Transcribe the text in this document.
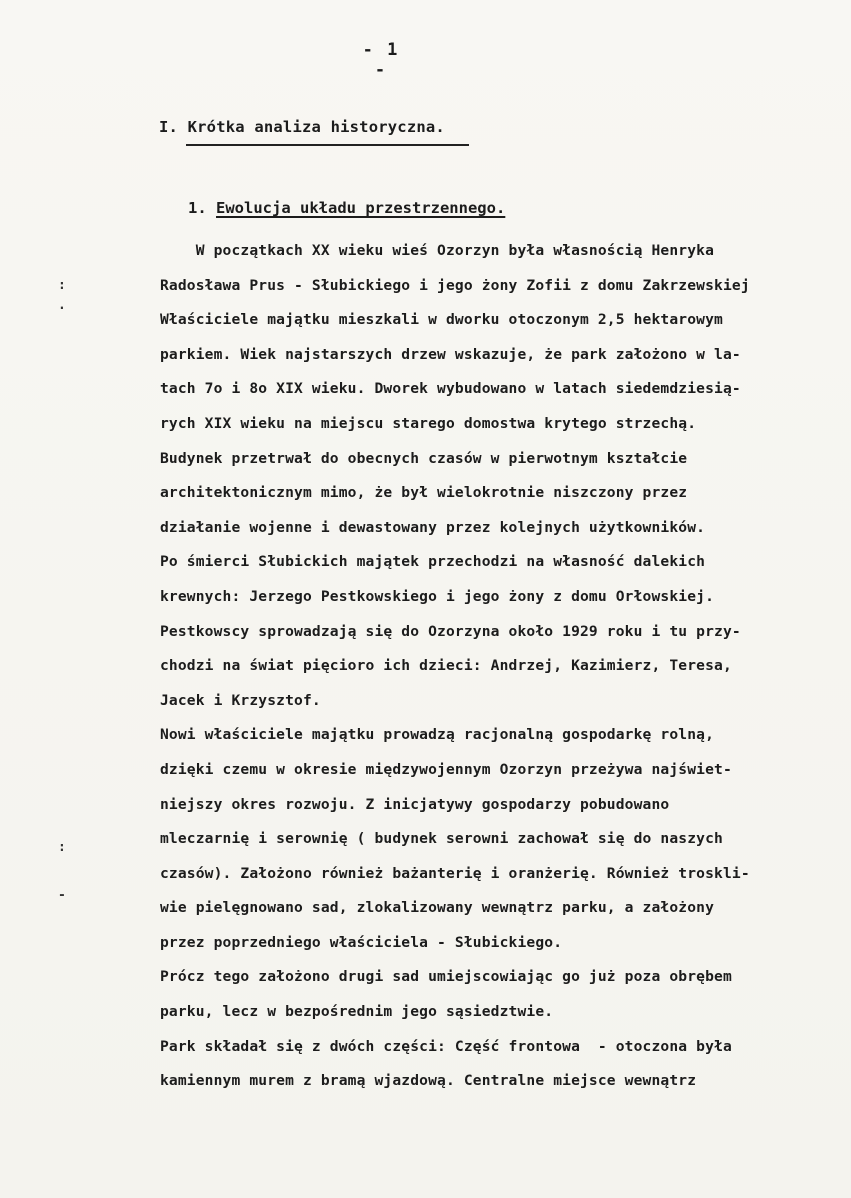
- 1 -
I. Krótka analiza historyczna.
1. Ewolucja układu przestrzennego.
W początkach XX wieku wieś Ozorzyn była własnością Henryka
Radosława Prus - Słubickiego i jego żony Zofii z domu Zakrzewskiej
Właściciele majątku mieszkali w dworku otoczonym 2,5 hektarowym
parkiem. Wiek najstarszych drzew wskazuje, że park założono w la-
tach 7o i 8o XIX wieku. Dworek wybudowano w latach siedemdziesią-
rych XIX wieku na miejscu starego domostwa krytego strzechą.
Budynek przetrwał do obecnych czasów w pierwotnym kształcie
architektonicznym mimo, że był wielokrotnie niszczony przez
działanie wojenne i dewastowany przez kolejnych użytkowników.
Po śmierci Słubickich majątek przechodzi na własność dalekich
krewnych: Jerzego Pestkowskiego i jego żony z domu Orłowskiej.
Pestkowscy sprowadzają się do Ozorzyna około 1929 roku i tu przy-
chodzi na świat pięcioro ich dzieci: Andrzej, Kazimierz, Teresa,
Jacek i Krzysztof.
Nowi właściciele majątku prowadzą racjonalną gospodarkę rolną,
dzięki czemu w okresie międzywojennym Ozorzyn przeżywa najświet-
niejszy okres rozwoju. Z inicjatywy gospodarzy pobudowano
mleczarnię i serownię ( budynek serowni zachował się do naszych
czasów). Założono również bażanterię i oranżerię. Również troskli-
wie pielęgnowano sad, zlokalizowany wewnątrz parku, a założony
przez poprzedniego właściciela - Słubickiego.
Prócz tego założono drugi sad umiejscowiając go już poza obrębem
parku, lecz w bezpośrednim jego sąsiedztwie.
Park składał się z dwóch części: Część frontowa  - otoczona była
kamiennym murem z bramą wjazdową. Centralne miejsce wewnątrz
:
.
:
-
